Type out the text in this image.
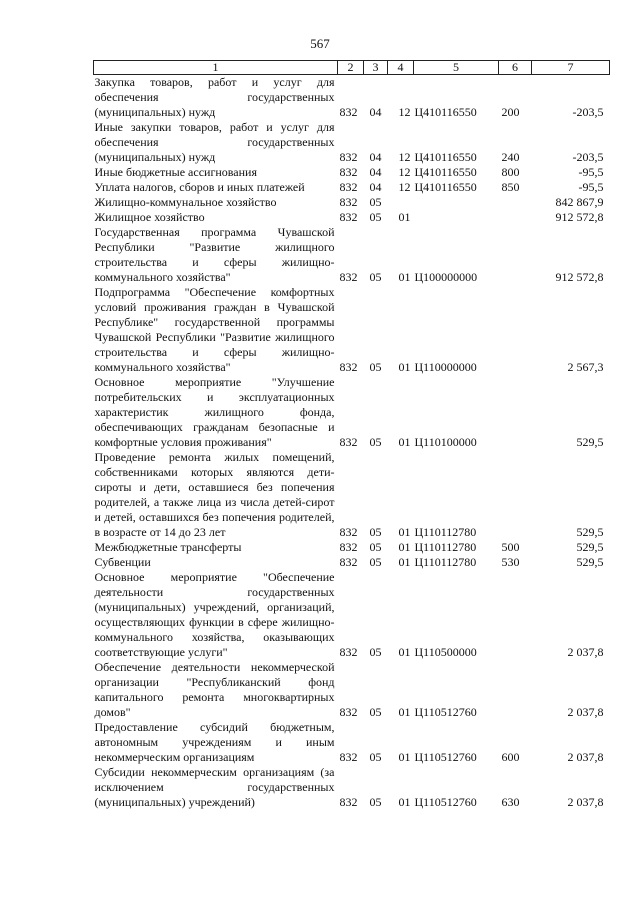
567
1	2	3	4	5	6	7
Закупка товаров, работ и услуг для обеспечения государственных (муниципальных) нужд	832	04	12	Ц410116550	200	-203,5
Иные закупки товаров, работ и услуг для обеспечения государственных (муниципальных) нужд	832	04	12	Ц410116550	240	-203,5
Иные бюджетные ассигнования	832	04	12	Ц410116550	800	-95,5
Уплата налогов, сборов и иных платежей	832	04	12	Ц410116550	850	-95,5
Жилищно-коммунальное хозяйство	832	05				842 867,9
Жилищное хозяйство	832	05	01			912 572,8
Государственная программа Чувашской Республики "Развитие жилищного строительства и сферы жилищно-коммунального хозяйства"	832	05	01	Ц100000000		912 572,8
Подпрограмма "Обеспечение комфортных условий проживания граждан в Чувашской Республике" государственной программы Чувашской Республики "Развитие жилищного строительства и сферы жилищно-коммунального хозяйства"	832	05	01	Ц110000000		2 567,3
Основное мероприятие "Улучшение потребительских и эксплуатационных характеристик жилищного фонда, обеспечивающих гражданам безопасные и комфортные условия проживания"	832	05	01	Ц110100000		529,5
Проведение ремонта жилых помещений, собственниками которых являются дети-сироты и дети, оставшиеся без попечения родителей, а также лица из числа детей-сирот и детей, оставшихся без попечения родителей, в возрасте от 14 до 23 лет	832	05	01	Ц110112780		529,5
Межбюджетные трансферты	832	05	01	Ц110112780	500	529,5
Субвенции	832	05	01	Ц110112780	530	529,5
Основное мероприятие "Обеспечение деятельности государственных (муниципальных) учреждений, организаций, осуществляющих функции в сфере жилищно-коммунального хозяйства, оказывающих соответствующие услуги"	832	05	01	Ц110500000		2 037,8
Обеспечение деятельности некоммерческой организации "Республиканский фонд капитального ремонта многоквартирных домов"	832	05	01	Ц110512760		2 037,8
Предоставление субсидий бюджетным, автономным учреждениям и иным некоммерческим организациям	832	05	01	Ц110512760	600	2 037,8
Субсидии некоммерческим организациям (за исключением государственных (муниципальных) учреждений)	832	05	01	Ц110512760	630	2 037,8
